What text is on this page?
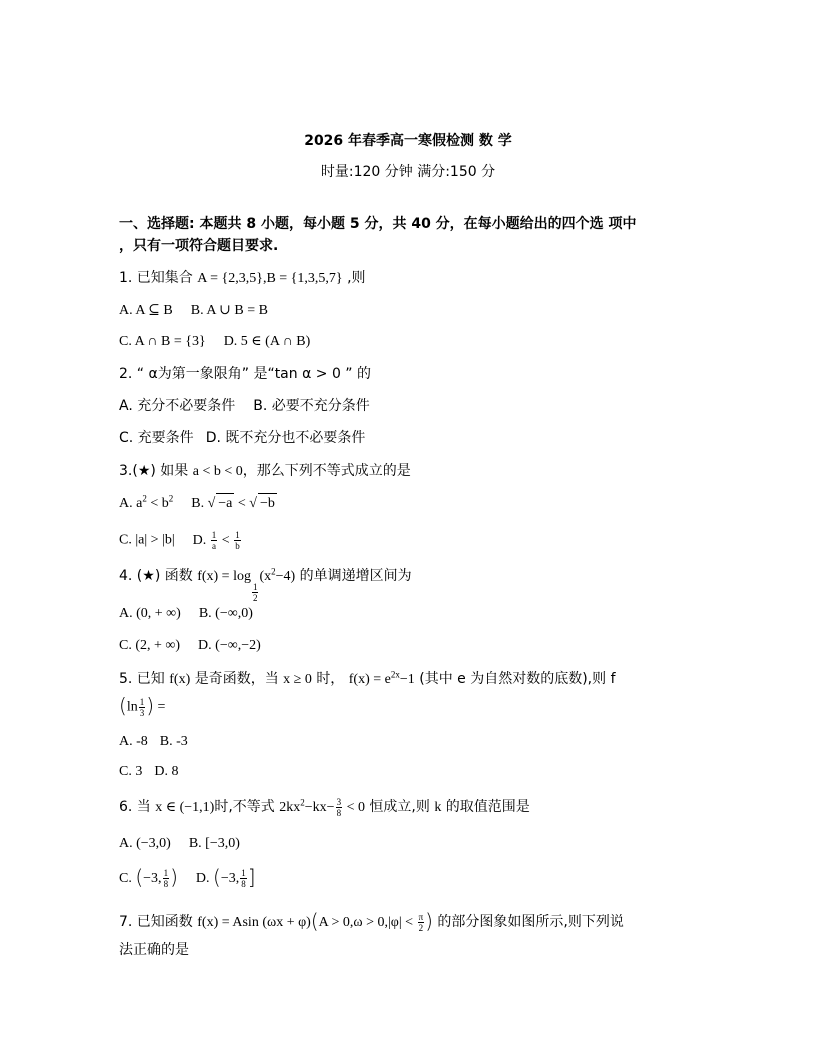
2026 年春季高一寒假检测 数 学
时量:120 分钟 满分:150 分
一、选择题: 本题共 8 小题，每小题 5 分，共 40 分，在每小题给出的四个选 项中
，只有一项符合题目要求.
1. 已知集合 A = {2,3,5},B = {1,3,5,7} ,则
A. A ⊆ B B. A ∪ B = B
C. A ∩ B = {3} D. 5 ∈ (A ∩ B)
2. “ α为第一象限角” 是“tan α > 0 ” 的
A. 充分不必要条件 B. 必要不充分条件
C. 充要条件 D. 既不充分也不必要条件
3.(★) 如果 a < b < 0，那么下列不等式成立的是
A. $a^2 < b^2$ B. √ −a < √ −b
C. |a| > |b| D. $\frac{1}{a} < \frac{1}{b}$
4. (★) 函数 f(x) = log
$_{\frac{1}{2}}$
$(x^2-4)$ 的单调递增区间为
A. (0, + ∞) B. (−∞,0)
C. (2, + ∞) D. (−∞,−2)
5. 已知 f(x) 是奇函数，当 x ≥ 0 时， $f(x) = e^{2x}-1$ (其中 e 为自然对数的底数),则 f
($\ln \frac{1}{3}$ ) =
A. -8 B. -3
C. 3 D. 8
6. 当 x ∈ (−1,1)时,不等式 $2kx^2-kx- \frac{3}{8} < 0$ 恒成立,则 k 的取值范围是
A. (−3,0) B. [−3,0)
C. (−3, $\frac{1}{8}$ ) D. (−3, $\frac{1}{8}$ ]
7. 已知函数 f(x) = Asin $(\omega x + \varphi)(A > 0,\omega > 0,|\varphi| < \frac{\pi}{2}$ ) 的部分图象如图所示,则下列说
法正确的是
